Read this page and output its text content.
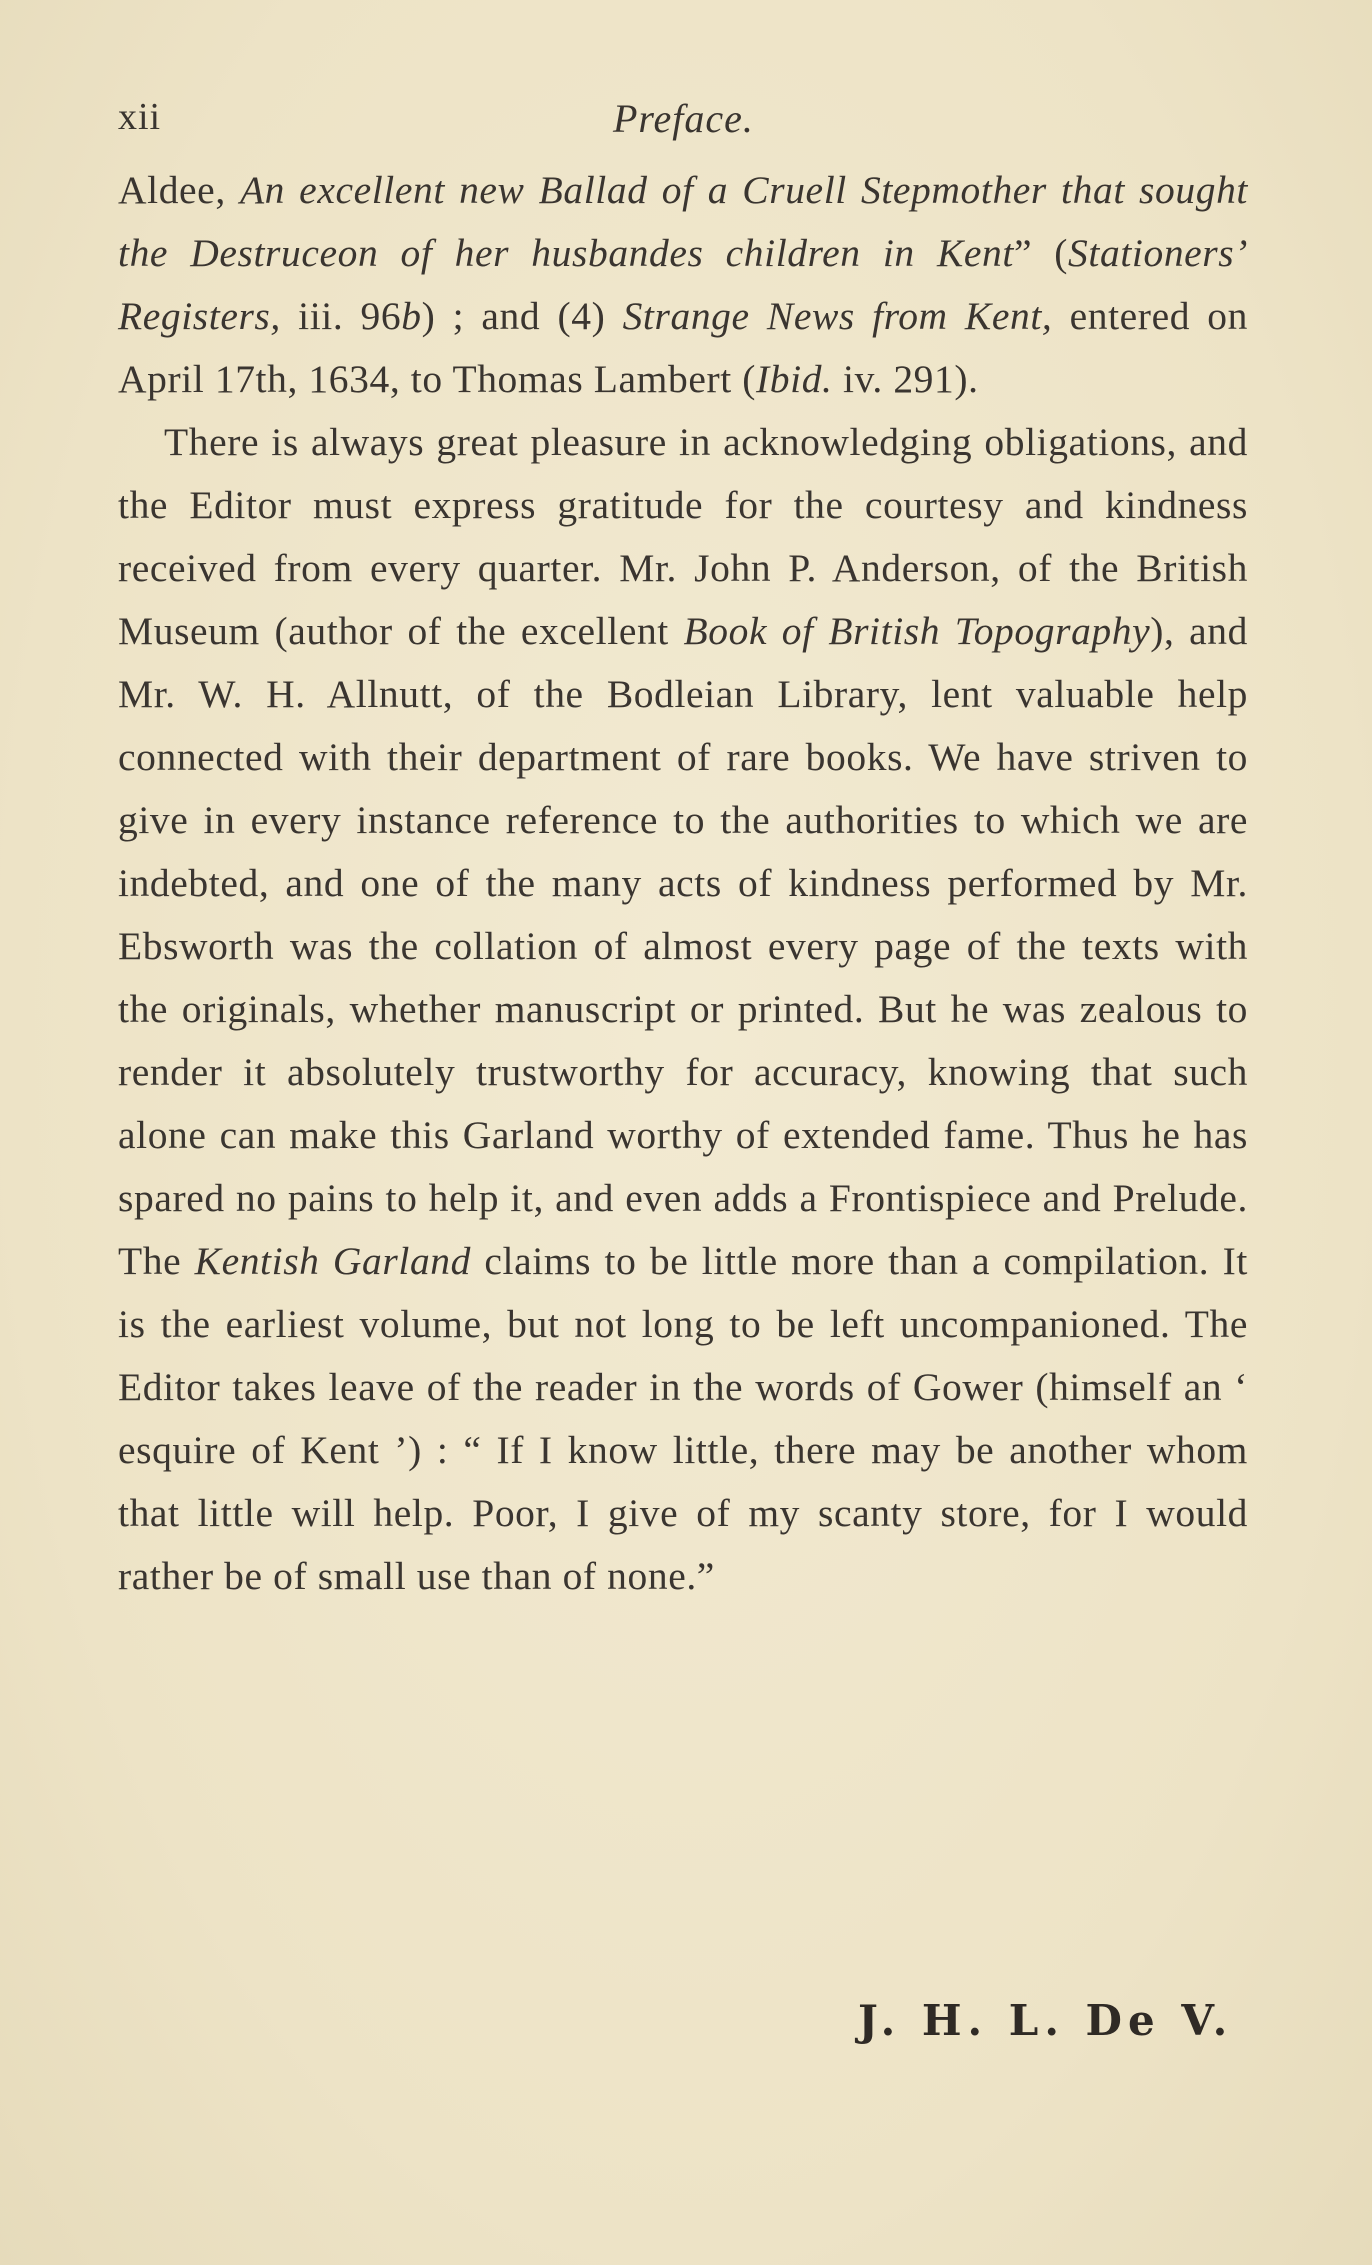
xii	Preface.

Aldee, An excellent new Ballad of a Cruell Stepmother that sought the Destruceon of her husbandes children in Kent” (Stationers’ Registers, iii. 96b) ; and (4) Strange News from Kent, entered on April 17th, 1634, to Thomas Lambert (Ibid. iv. 291).

There is always great pleasure in acknowledging obligations, and the Editor must express gratitude for the courtesy and kindness received from every quarter. Mr. John P. Anderson, of the British Museum (author of the excellent Book of British Topography), and Mr. W. H. Allnutt, of the Bodleian Library, lent valuable help connected with their department of rare books. We have striven to give in every instance reference to the authorities to which we are indebted, and one of the many acts of kindness performed by Mr. Ebsworth was the collation of almost every page of the texts with the originals, whether manuscript or printed. But he was zealous to render it absolutely trustworthy for accuracy, knowing that such alone can make this Garland worthy of extended fame. Thus he has spared no pains to help it, and even adds a Frontispiece and Prelude. The Kentish Garland claims to be little more than a compilation. It is the earliest volume, but not long to be left uncompanioned. The Editor takes leave of the reader in the words of Gower (himself an ‘ esquire of Kent ’) : “ If I know little, there may be another whom that little will help. Poor, I give of my scanty store, for I would rather be of small use than of none.”

J. H. L. De V.
